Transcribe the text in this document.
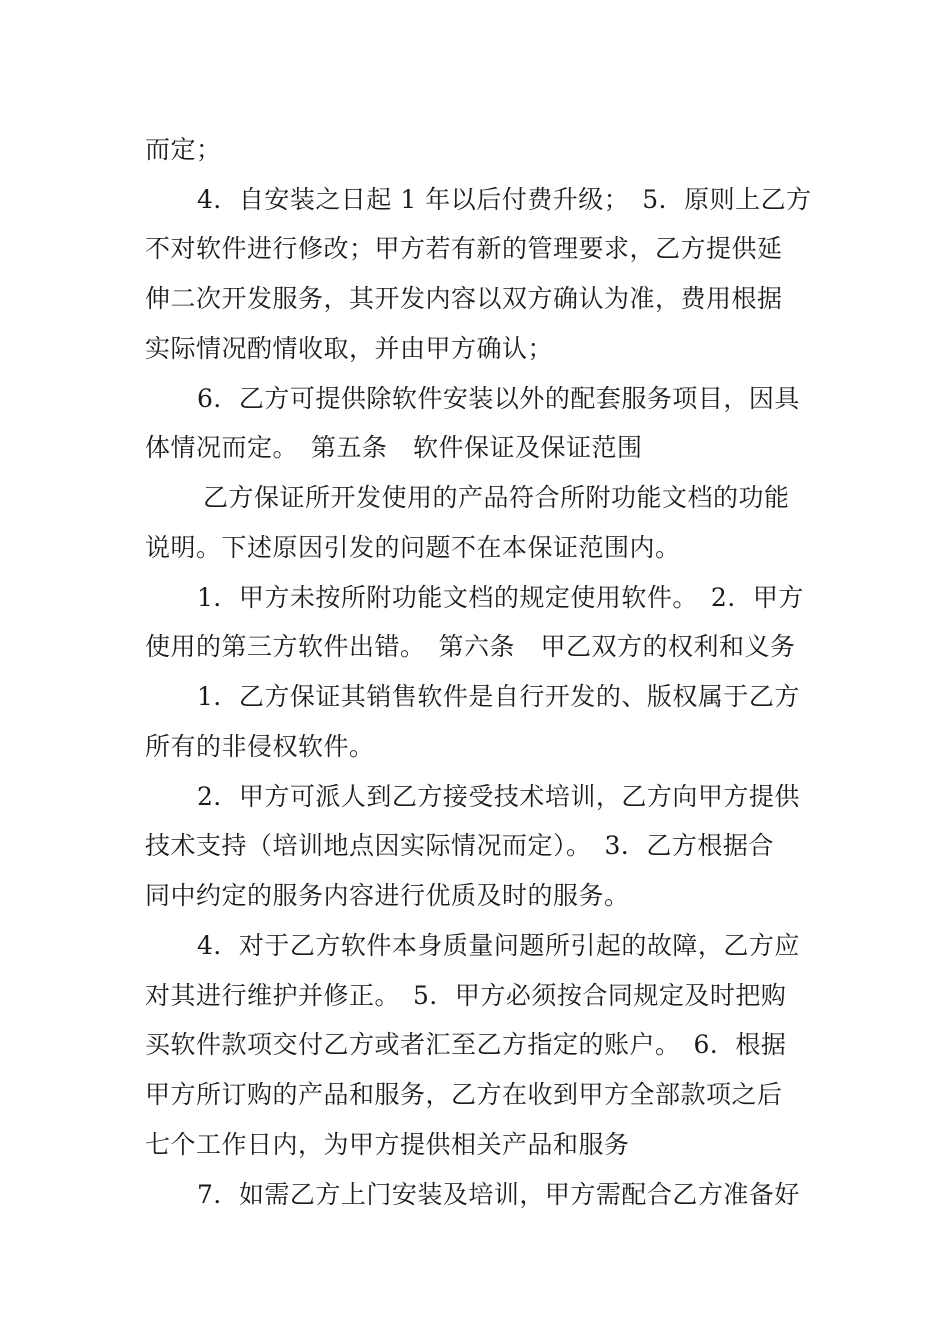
而定；
4．自安装之日起 1 年以后付费升级；　5．原则上乙方
不对软件进行修改；甲方若有新的管理要求，乙方提供延
伸二次开发服务，其开发内容以双方确认为准，费用根据
实际情况酌情收取，并由甲方确认；
6．乙方可提供除软件安装以外的配套服务项目，因具
体情况而定。　第五条　软件保证及保证范围
乙方保证所开发使用的产品符合所附功能文档的功能
说明。下述原因引发的问题不在本保证范围内。
1．甲方未按所附功能文档的规定使用软件。　2．甲方
使用的第三方软件出错。　第六条　甲乙双方的权利和义务
1．乙方保证其销售软件是自行开发的、版权属于乙方
所有的非侵权软件。
2．甲方可派人到乙方接受技术培训，乙方向甲方提供
技术支持（培训地点因实际情况而定）。　3．乙方根据合
同中约定的服务内容进行优质及时的服务。
4．对于乙方软件本身质量问题所引起的故障，乙方应
对其进行维护并修正。　5．甲方必须按合同规定及时把购
买软件款项交付乙方或者汇至乙方指定的账户。　6．根据
甲方所订购的产品和服务，乙方在收到甲方全部款项之后
七个工作日内，为甲方提供相关产品和服务
7．如需乙方上门安装及培训，甲方需配合乙方准备好
